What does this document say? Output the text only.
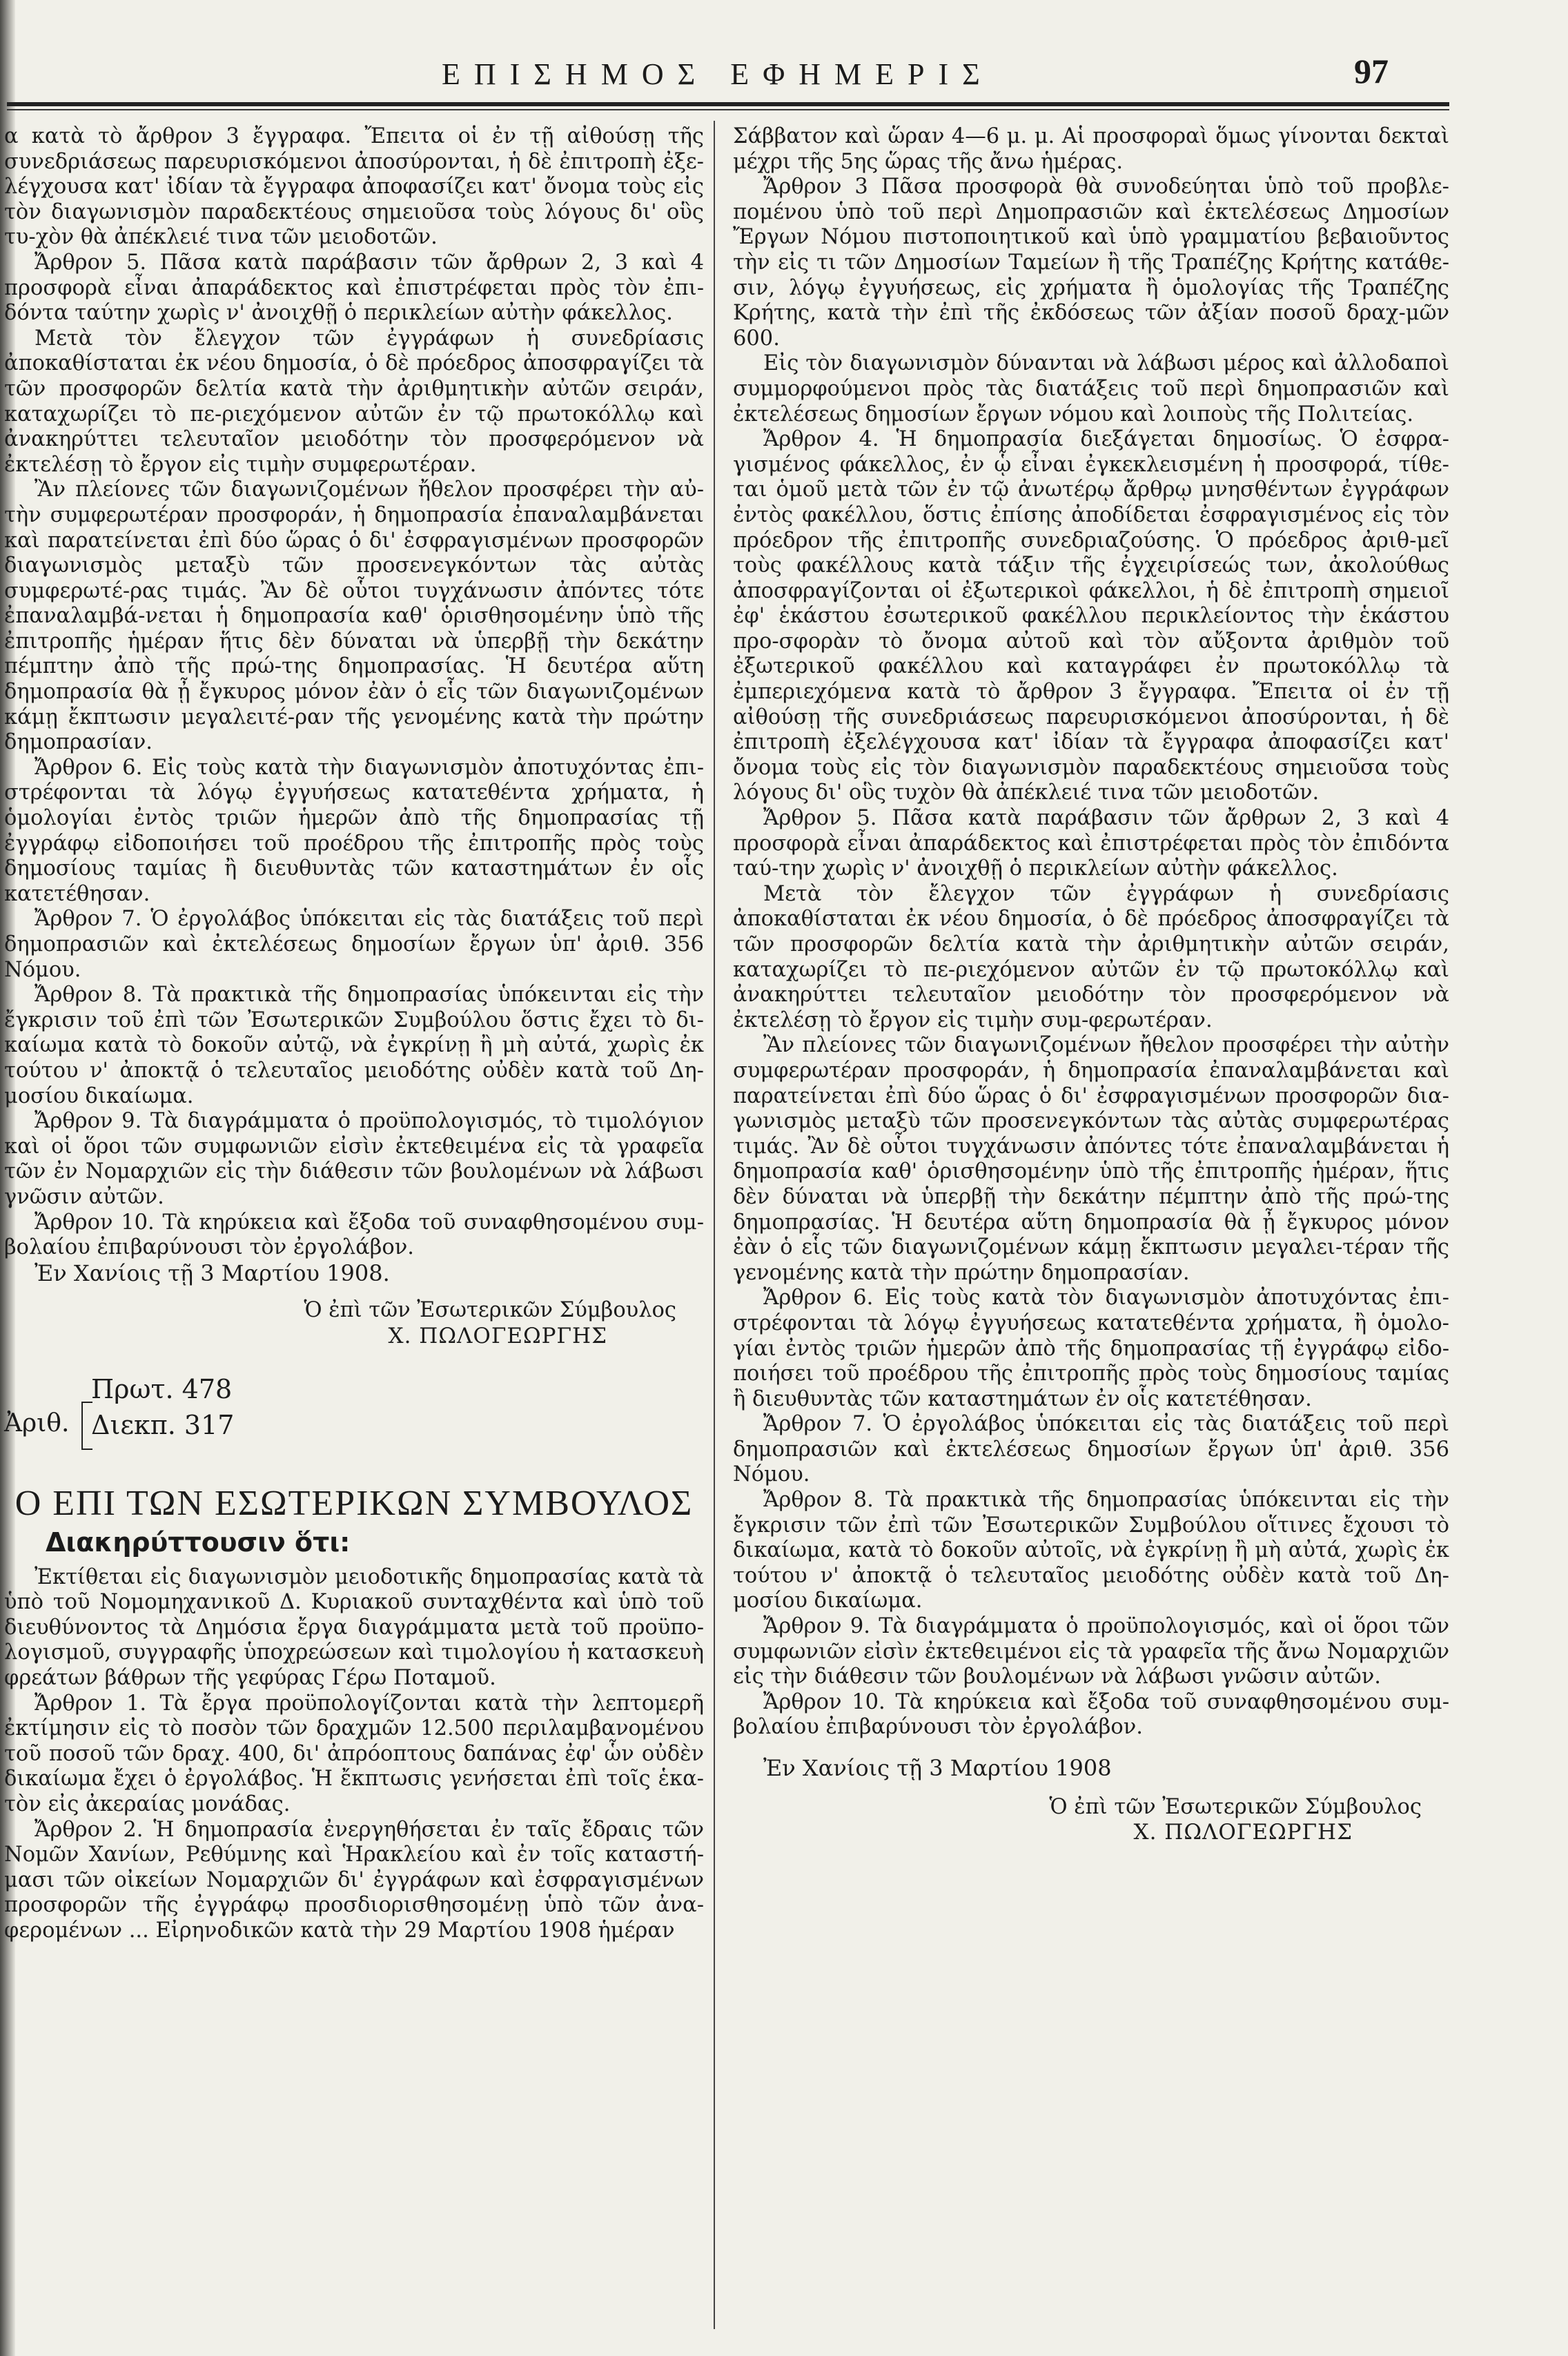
ΕΠΙΣΗΜΟΣ ΕΦΗΜΕΡΙΣ	97

α κατὰ τὸ ἄρθρον 3 ἔγγραφα. Ἔπειτα οἱ ἐν τῇ αἰθούσῃ τῆς συνεδριάσεως παρευρισκόμενοι ἀποσύρονται, ἡ δὲ ἐπιτροπὴ ἐξε-λέγχουσα κατ' ἰδίαν τὰ ἔγγραφα ἀποφασίζει κατ' ὄνομα τοὺς εἰς τὸν διαγωνισμὸν παραδεκτέους σημειοῦσα τοὺς λόγους δι' οὓς τυ-χὸν θὰ ἀπέκλειέ τινα τῶν μειοδοτῶν.

Ἄρθρον 5. Πᾶσα κατὰ παράβασιν τῶν ἄρθρων 2, 3 καὶ 4 προσφορὰ εἶναι ἀπαράδεκτος καὶ ἐπιστρέφεται πρὸς τὸν ἐπι-δόντα ταύτην χωρὶς ν' ἀνοιχθῇ ὁ περικλείων αὐτὴν φάκελλος.

Μετὰ τὸν ἔλεγχον τῶν ἐγγράφων ἡ συνεδρίασις ἀποκαθίσταται ἐκ νέου δημοσία, ὁ δὲ πρόεδρος ἀποσφραγίζει τὰ τῶν προσφορῶν δελτία κατὰ τὴν ἀριθμητικὴν αὐτῶν σειράν, καταχωρίζει τὸ πε-ριεχόμενον αὐτῶν ἐν τῷ πρωτοκόλλῳ καὶ ἀνακηρύττει τελευταῖον μειοδότην τὸν προσφερόμενον νὰ ἐκτελέσῃ τὸ ἔργον εἰς τιμὴν συμφερωτέραν.

Ἂν πλείονες τῶν διαγωνιζομένων ἤθελον προσφέρει τὴν αὐ-τὴν συμφερωτέραν προσφοράν, ἡ δημοπρασία ἐπαναλαμβάνεται καὶ παρατείνεται ἐπὶ δύο ὥρας ὁ δι' ἐσφραγισμένων προσφορῶν διαγωνισμὸς μεταξὺ τῶν προσενεγκόντων τὰς αὐτὰς συμφερωτέ-ρας τιμάς. Ἂν δὲ οὗτοι τυγχάνωσιν ἀπόντες τότε ἐπαναλαμβά-νεται ἡ δημοπρασία καθ' ὁρισθησομένην ὑπὸ τῆς ἐπιτροπῆς ἡμέραν ἥτις δὲν δύναται νὰ ὑπερβῇ τὴν δεκάτην πέμπτην ἀπὸ τῆς πρώ-της δημοπρασίας. Ἡ δευτέρα αὕτη δημοπρασία θὰ ᾖ ἔγκυρος μόνον ἐὰν ὁ εἷς τῶν διαγωνιζομένων κάμῃ ἔκπτωσιν μεγαλειτέ-ραν τῆς γενομένης κατὰ τὴν πρώτην δημοπρασίαν.

Ἄρθρον 6. Εἰς τοὺς κατὰ τὴν διαγωνισμὸν ἀποτυχόντας ἐπι-στρέφονται τὰ λόγῳ ἐγγυήσεως κατατεθέντα χρήματα, ἡ ὁμολογίαι ἐντὸς τριῶν ἡμερῶν ἀπὸ τῆς δημοπρασίας τῇ ἐγγράφῳ εἰδοποιήσει τοῦ προέδρου τῆς ἐπιτροπῆς πρὸς τοὺς δημοσίους ταμίας ἢ διευθυντὰς τῶν καταστημάτων ἐν οἷς κατετέθησαν.

Ἄρθρον 7. Ὁ ἐργολάβος ὑπόκειται εἰς τὰς διατάξεις τοῦ περὶ δημοπρασιῶν καὶ ἐκτελέσεως δημοσίων ἔργων ὑπ' ἀριθ. 356 Νόμου.

Ἄρθρον 8. Τὰ πρακτικὰ τῆς δημοπρασίας ὑπόκεινται εἰς τὴν ἔγκρισιν τοῦ ἐπὶ τῶν Ἐσωτερικῶν Συμβούλου ὅστις ἔχει τὸ δι-καίωμα κατὰ τὸ δοκοῦν αὐτῷ, νὰ ἐγκρίνῃ ἢ μὴ αὐτά, χωρὶς ἐκ τούτου ν' ἀποκτᾷ ὁ τελευταῖος μειοδότης οὐδὲν κατὰ τοῦ Δη-μοσίου δικαίωμα.

Ἄρθρον 9. Τὰ διαγράμματα ὁ προϋπολογισμός, τὸ τιμολόγιον καὶ οἱ ὅροι τῶν συμφωνιῶν εἰσὶν ἐκτεθειμένα εἰς τὰ γραφεῖα τῶν ἐν Νομαρχιῶν εἰς τὴν διάθεσιν τῶν βουλομένων νὰ λάβωσι γνῶσιν αὐτῶν.

Ἄρθρον 10. Τὰ κηρύκεια καὶ ἔξοδα τοῦ συναφθησομένου συμ-βολαίου ἐπιβαρύνουσι τὸν ἐργολάβον.

Ἐν Χανίοις τῇ 3 Μαρτίου 1908.

Ὁ ἐπὶ τῶν Ἐσωτερικῶν Σύμβουλος

Χ. ΠΩΛΟΓΕΩΡΓΗΣ

Ἀριθ.
Πρωτ. 478
Διεκπ. 317

Ο ΕΠΙ ΤΩΝ ΕΣΩΤΕΡΙΚΩΝ ΣΥΜΒΟΥΛΟΣ

Διακηρύττουσιν ὅτι:

Ἐκτίθεται εἰς διαγωνισμὸν μειοδοτικῆς δημοπρασίας κατὰ τὰ ὑπὸ τοῦ Νομομηχανικοῦ Δ. Κυριακοῦ συνταχθέντα καὶ ὑπὸ τοῦ διευθύνοντος τὰ Δημόσια ἔργα διαγράμματα μετὰ τοῦ προϋπο-λογισμοῦ, συγγραφῆς ὑποχρεώσεων καὶ τιμολογίου ἡ κατασκευὴ φρεάτων βάθρων τῆς γεφύρας Γέρω Ποταμοῦ.

Ἄρθρον 1. Τὰ ἔργα προϋπολογίζονται κατὰ τὴν λεπτομερῆ ἐκτίμησιν εἰς τὸ ποσὸν τῶν δραχμῶν 12.500 περιλαμβανομένου τοῦ ποσοῦ τῶν δραχ. 400, δι' ἀπρόοπτους δαπάνας ἐφ' ὧν οὐδὲν δικαίωμα ἔχει ὁ ἐργολάβος. Ἡ ἔκπτωσις γενήσεται ἐπὶ τοῖς ἑκα-τὸν εἰς ἀκεραίας μονάδας.

Ἄρθρον 2. Ἡ δημοπρασία ἐνεργηθήσεται ἐν ταῖς ἔδραις τῶν Νομῶν Χανίων, Ρεθύμνης καὶ Ἡρακλείου καὶ ἐν τοῖς καταστή-μασι τῶν οἰκείων Νομαρχιῶν δι' ἐγγράφων καὶ ἐσφραγισμένων προσφορῶν τῆς ἐγγράφῳ προσδιορισθησομένῃ ὑπὸ τῶν ἀνα-φερομένων ... Εἰρηνοδικῶν κατὰ τὴν 29 Μαρτίου 1908 ἡμέραν

Σάββατον καὶ ὥραν 4—6 μ. μ. Αἱ προσφοραὶ ὅμως γίνονται δεκταὶ μέχρι τῆς 5ης ὥρας τῆς ἄνω ἡμέρας.

Ἄρθρον 3 Πᾶσα προσφορὰ θὰ συνοδεύηται ὑπὸ τοῦ προβλε-πομένου ὑπὸ τοῦ περὶ Δημοπρασιῶν καὶ ἐκτελέσεως Δημοσίων Ἔργων Νόμου πιστοποιητικοῦ καὶ ὑπὸ γραμματίου βεβαιοῦντος τὴν εἰς τι τῶν Δημοσίων Ταμείων ἢ τῆς Τραπέζης Κρήτης κατάθε-σιν, λόγῳ ἐγγυήσεως, εἰς χρήματα ἢ ὁμολογίας τῆς Τραπέζης Κρήτης, κατὰ τὴν ἐπὶ τῆς ἐκδόσεως τῶν ἀξίαν ποσοῦ δραχ-μῶν 600.

Εἰς τὸν διαγωνισμὸν δύνανται νὰ λάβωσι μέρος καὶ ἀλλοδαποὶ συμμορφούμενοι πρὸς τὰς διατάξεις τοῦ περὶ δημοπρασιῶν καὶ ἐκτελέσεως δημοσίων ἔργων νόμου καὶ λοιποὺς τῆς Πολιτείας.

Ἄρθρον 4. Ἡ δημοπρασία διεξάγεται δημοσίως. Ὁ ἐσφρα-γισμένος φάκελλος, ἐν ᾧ εἶναι ἐγκεκλεισμένη ἡ προσφορά, τίθε-ται ὁμοῦ μετὰ τῶν ἐν τῷ ἀνωτέρῳ ἄρθρῳ μνησθέντων ἐγγράφων ἐντὸς φακέλλου, ὅστις ἐπίσης ἀποδίδεται ἐσφραγισμένος εἰς τὸν πρόεδρον τῆς ἐπιτροπῆς συνεδριαζούσης. Ὁ πρόεδρος ἀριθ-μεῖ τοὺς φακέλλους κατὰ τάξιν τῆς ἐγχειρίσεώς των, ἀκολούθως ἀποσφραγίζονται οἱ ἐξωτερικοὶ φάκελλοι, ἡ δὲ ἐπιτροπὴ σημειοῖ ἐφ' ἑκάστου ἐσωτερικοῦ φακέλλου περικλείοντος τὴν ἑκάστου προ-σφορὰν τὸ ὄνομα αὐτοῦ καὶ τὸν αὔξοντα ἀριθμὸν τοῦ ἐξωτερικοῦ φακέλλου καὶ καταγράφει ἐν πρωτοκόλλῳ τὰ ἐμπεριεχόμενα κατὰ τὸ ἄρθρον 3 ἔγγραφα. Ἔπειτα οἱ ἐν τῇ αἰθούσῃ τῆς συνεδριάσεως παρευρισκόμενοι ἀποσύρονται, ἡ δὲ ἐπιτροπὴ ἐξελέγχουσα κατ' ἰδίαν τὰ ἔγγραφα ἀποφασίζει κατ' ὄνομα τοὺς εἰς τὸν διαγωνισμὸν παραδεκτέους σημειοῦσα τοὺς λόγους δι' οὓς τυχὸν θὰ ἀπέκλειέ τινα τῶν μειοδοτῶν.

Ἄρθρον 5. Πᾶσα κατὰ παράβασιν τῶν ἄρθρων 2, 3 καὶ 4 προσφορὰ εἶναι ἀπαράδεκτος καὶ ἐπιστρέφεται πρὸς τὸν ἐπιδόντα ταύ-την χωρὶς ν' ἀνοιχθῇ ὁ περικλείων αὐτὴν φάκελλος.

Μετὰ τὸν ἔλεγχον τῶν ἐγγράφων ἡ συνεδρίασις ἀποκαθίσταται ἐκ νέου δημοσία, ὁ δὲ πρόεδρος ἀποσφραγίζει τὰ τῶν προσφορῶν δελτία κατὰ τὴν ἀριθμητικὴν αὐτῶν σειράν, καταχωρίζει τὸ πε-ριεχόμενον αὐτῶν ἐν τῷ πρωτοκόλλῳ καὶ ἀνακηρύττει τελευταῖον μειοδότην τὸν προσφερόμενον νὰ ἐκτελέσῃ τὸ ἔργον εἰς τιμὴν συμ-φερωτέραν.

Ἂν πλείονες τῶν διαγωνιζομένων ἤθελον προσφέρει τὴν αὐτὴν συμφερωτέραν προσφοράν, ἡ δημοπρασία ἐπαναλαμβάνεται καὶ παρατείνεται ἐπὶ δύο ὥρας ὁ δι' ἐσφραγισμένων προσφορῶν δια-γωνισμὸς μεταξὺ τῶν προσενεγκόντων τὰς αὐτὰς συμφερωτέρας τιμάς. Ἂν δὲ οὗτοι τυγχάνωσιν ἀπόντες τότε ἐπαναλαμβάνεται ἡ δημοπρασία καθ' ὁρισθησομένην ὑπὸ τῆς ἐπιτροπῆς ἡμέραν, ἥτις δὲν δύναται νὰ ὑπερβῇ τὴν δεκάτην πέμπτην ἀπὸ τῆς πρώ-της δημοπρασίας. Ἡ δευτέρα αὕτη δημοπρασία θὰ ᾖ ἔγκυρος μόνον ἐὰν ὁ εἷς τῶν διαγωνιζομένων κάμῃ ἔκπτωσιν μεγαλει-τέραν τῆς γενομένης κατὰ τὴν πρώτην δημοπρασίαν.

Ἄρθρον 6. Εἰς τοὺς κατὰ τὸν διαγωνισμὸν ἀποτυχόντας ἐπι-στρέφονται τὰ λόγῳ ἐγγυήσεως κατατεθέντα χρήματα, ἢ ὁμολο-γίαι ἐντὸς τριῶν ἡμερῶν ἀπὸ τῆς δημοπρασίας τῇ ἐγγράφῳ εἰδο-ποιήσει τοῦ προέδρου τῆς ἐπιτροπῆς πρὸς τοὺς δημοσίους ταμίας ἢ διευθυντὰς τῶν καταστημάτων ἐν οἷς κατετέθησαν.

Ἄρθρον 7. Ὁ ἐργολάβος ὑπόκειται εἰς τὰς διατάξεις τοῦ περὶ δημοπρασιῶν καὶ ἐκτελέσεως δημοσίων ἔργων ὑπ' ἀριθ. 356 Νόμου.

Ἄρθρον 8. Τὰ πρακτικὰ τῆς δημοπρασίας ὑπόκεινται εἰς τὴν ἔγκρισιν τῶν ἐπὶ τῶν Ἐσωτερικῶν Συμβούλου οἵτινες ἔχουσι τὸ δικαίωμα, κατὰ τὸ δοκοῦν αὐτοῖς, νὰ ἐγκρίνῃ ἢ μὴ αὐτά, χωρὶς ἐκ τούτου ν' ἀποκτᾷ ὁ τελευταῖος μειοδότης οὐδὲν κατὰ τοῦ Δη-μοσίου δικαίωμα.

Ἄρθρον 9. Τὰ διαγράμματα ὁ προϋπολογισμός, καὶ οἱ ὅροι τῶν συμφωνιῶν εἰσὶν ἐκτεθειμένοι εἰς τὰ γραφεῖα τῆς ἄνω Νομαρχιῶν εἰς τὴν διάθεσιν τῶν βουλομένων νὰ λάβωσι γνῶσιν αὐτῶν.

Ἄρθρον 10. Τὰ κηρύκεια καὶ ἔξοδα τοῦ συναφθησομένου συμ-βολαίου ἐπιβαρύνουσι τὸν ἐργολάβον.

Ἐν Χανίοις τῇ 3 Μαρτίου 1908

Ὁ ἐπὶ τῶν Ἐσωτερικῶν Σύμβουλος

Χ. ΠΩΛΟΓΕΩΡΓΗΣ
